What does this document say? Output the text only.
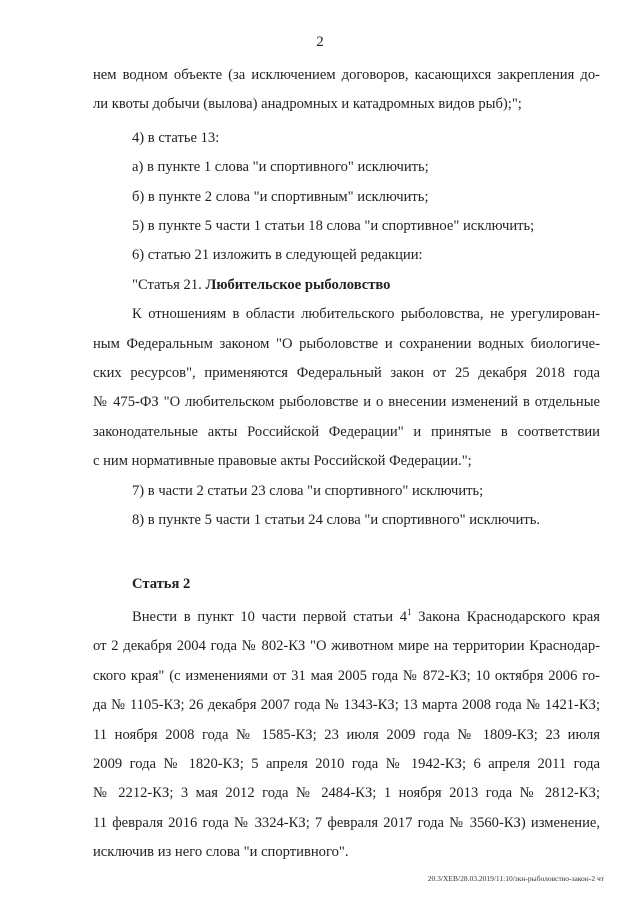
2

нем водном объекте (за исключением договоров, касающихся закрепления до-

ли квоты добычи (вылова) анадромных и катадромных видов рыб);";

4) в статье 13:

а) в пункте 1 слова "и спортивного" исключить;

б) в пункте 2 слова "и спортивным" исключить;

5) в пункте 5 части 1 статьи 18 слова "и спортивное" исключить;

6) статью 21 изложить в следующей редакции:

"Статья 21. Любительское рыболовство

К отношениям в области любительского рыболовства, не урегулирован-

ным Федеральным законом "О рыболовстве и сохранении водных биологиче-

ских ресурсов", применяются Федеральный закон от 25 декабря 2018 года

№ 475-ФЗ "О любительском рыболовстве и о внесении изменений в отдельные

законодательные акты Российской Федерации" и принятые в соответствии

с ним нормативные правовые акты Российской Федерации.";

7) в части 2 статьи 23 слова "и спортивного" исключить;

8) в пункте 5 части 1 статьи 24 слова "и спортивного" исключить.

Статья 2

Внести в пункт 10 части первой статьи $4^1$ Закона Краснодарского края

от 2 декабря 2004 года № 802-КЗ "О животном мире на территории Краснодар-

ского края" (с изменениями от 31 мая 2005 года № 872-КЗ; 10 октября 2006 го-

да № 1105-КЗ; 26 декабря 2007 года № 1343-КЗ; 13 марта 2008 года № 1421-КЗ;

11 ноября 2008 года № 1585-КЗ; 23 июля 2009 года № 1809-КЗ; 23 июля

2009 года № 1820-КЗ; 5 апреля 2010 года № 1942-КЗ; 6 апреля 2011 года

№ 2212-КЗ; 3 мая 2012 года № 2484-КЗ; 1 ноября 2013 года № 2812-КЗ;

11 февраля 2016 года № 3324-КЗ; 7 февраля 2017 года № 3560-КЗ) изменение,

исключив из него слова "и спортивного".

20.3/ХЕВ/28.03.2019/11:10/зкн-рыболовство-закон-2 чт
